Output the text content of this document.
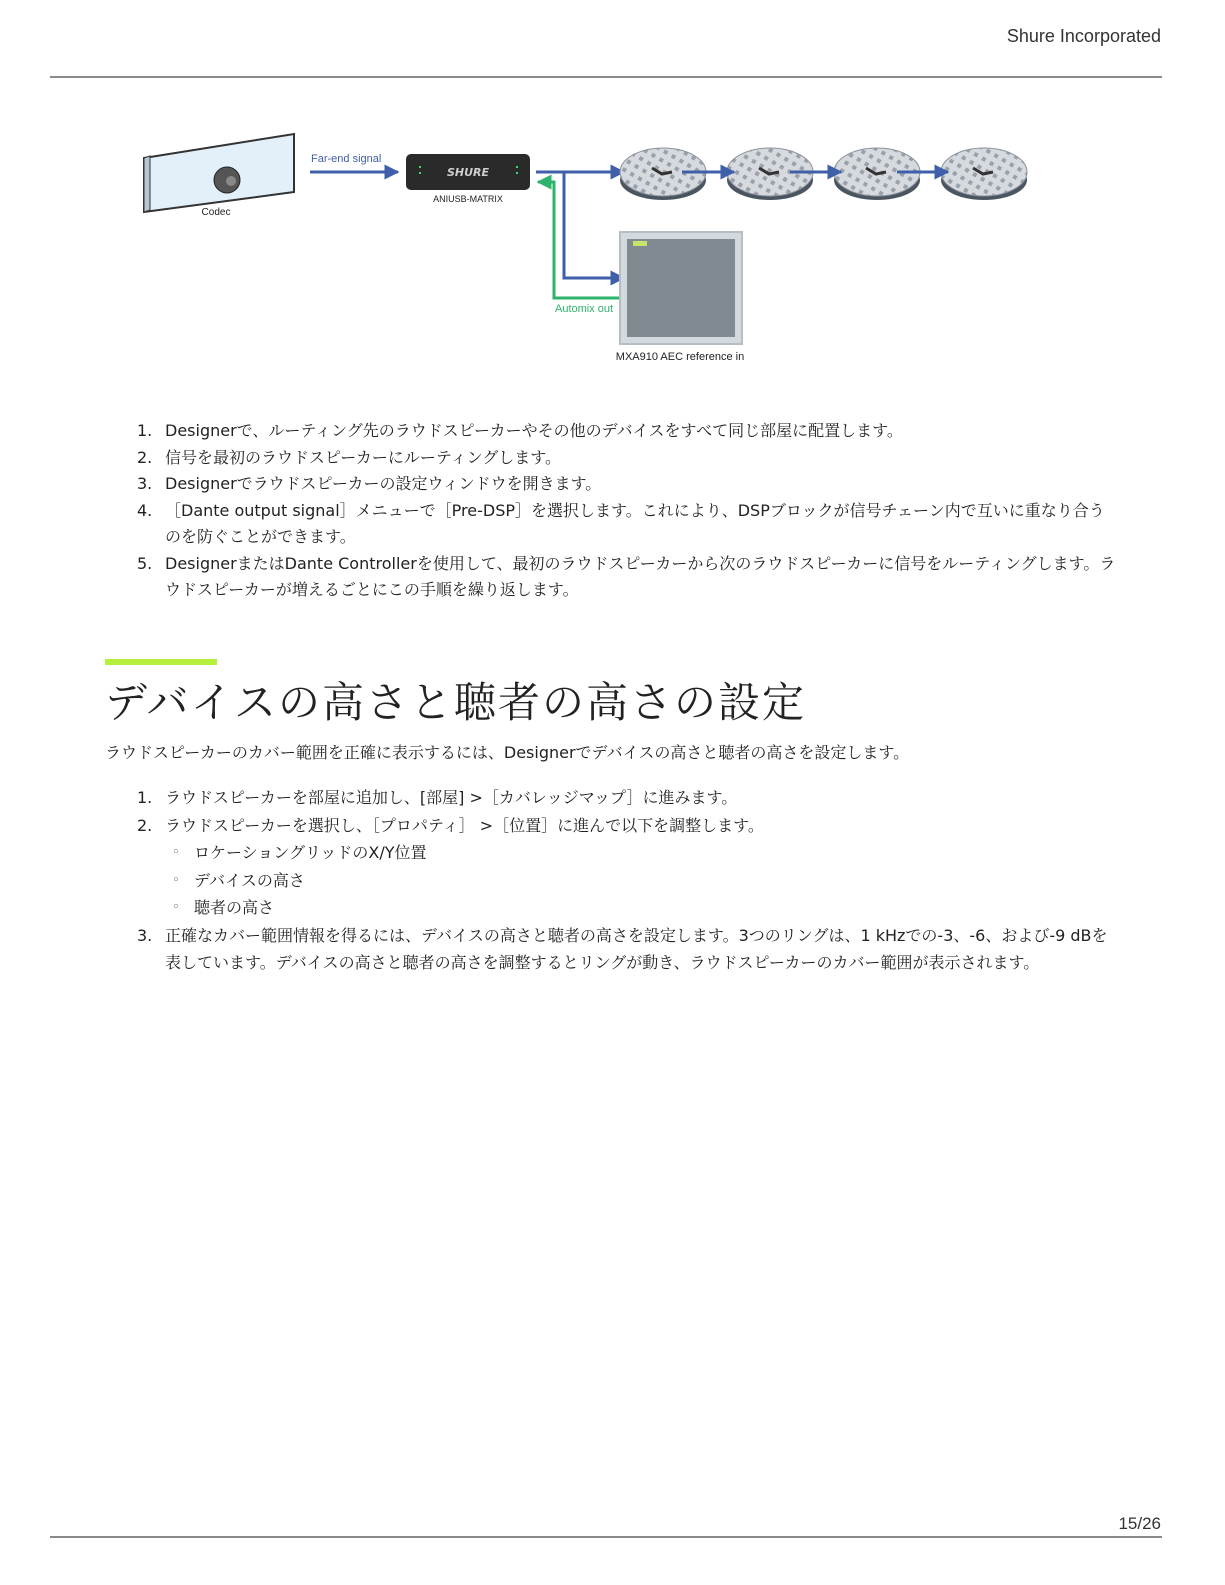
Shure Incorporated
Codec
Far-end signal
SHURE
ANIUSB-MATRIX
Automix out
MXA910 AEC reference in
1. Designerで、ルーティング先のラウドスピーカーやその他のデバイスをすべて同じ部屋に配置します。
2. 信号を最初のラウドスピーカーにルーティングします。
3. Designerでラウドスピーカーの設定ウィンドウを開きます。
4. ［Dante output signal］メニューで［Pre-DSP］を選択します。これにより、DSPブロックが信号チェーン内で互いに重なり合うのを防ぐことができます。
5. DesignerまたはDante Controllerを使用して、最初のラウドスピーカーから次のラウドスピーカーに信号をルーティングします。ラウドスピーカーが増えるごとにこの手順を繰り返します。
デバイスの高さと聴者の高さの設定

ラウドスピーカーのカバー範囲を正確に表示するには、Designerでデバイスの高さと聴者の高さを設定します。

1. ラウドスピーカーを部屋に追加し、[部屋] >［カバレッジマップ］に進みます。
2. ラウドスピーカーを選択し、［プロパティ］ >［位置］に進んで以下を調整します。
◦ ロケーショングリッドのX/Y位置
◦ デバイスの高さ
◦ 聴者の高さ
3. 正確なカバー範囲情報を得るには、デバイスの高さと聴者の高さを設定します。3つのリングは、1 kHzでの-3、-6、および-9 dBを表しています。デバイスの高さと聴者の高さを調整するとリングが動き、ラウドスピーカーのカバー範囲が表示されます。
15/26
